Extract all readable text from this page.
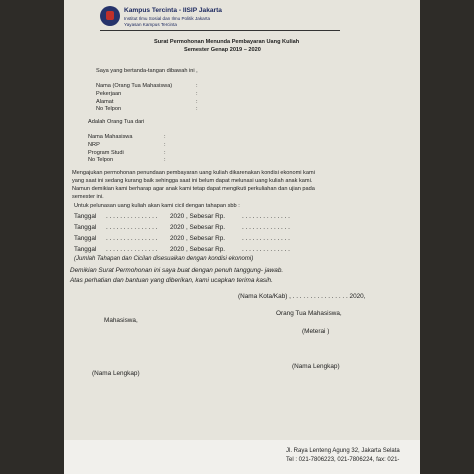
Kampus Tercinta - IISIP Jakarta
Institut Ilmu Sosial dan Ilmu Politik Jakarta
Yayasan Kampus Tercinta
Surat Permohonan Menunda Pembayaran Uang Kuliah
Semester Genap 2019 – 2020
Saya yang bertanda-tangan dibawah ini ,
Nama (Orang Tua Mahasiswa)	:
Pekerjaan	:
Alamat	:
No Telpon	:
Adalah Orang Tua dari
Nama Mahasiswa	:
NRP	:
Program Studi	:
No Telpon	:
Mengajukan permohonan penundaan pembayaran uang kuliah dikarenakan kondisi ekonomi kami
yang saat ini sedang kurang baik sehingga saat ini belum dapat melunasi uang kuliah anak kami.
Namun demikian kami berharap agar anak kami tetap dapat mengikuti perkuliahan dan ujian pada
semester ini.
Untuk pelunasan uang kuliah akan kami cicil dengan tahapan sbb :
Tanggal . . . . . . . . . . . . . . . 2020 , Sebesar Rp.	. . . . . . . . . . . . . .
Tanggal . . . . . . . . . . . . . . . 2020 , Sebesar Rp.	. . . . . . . . . . . . . .
Tanggal . . . . . . . . . . . . . . . 2020 , Sebesar Rp.	. . . . . . . . . . . . . .
Tanggal . . . . . . . . . . . . . . . 2020 , Sebesar Rp.	. . . . . . . . . . . . . .
(Jumlah Tahapan dan Cicilan disesuaikan dengan kondisi ekonomi)
Demikian Surat Permohonan ini saya buat dengan penuh tanggung- jawab.
Atas perhatian dan bantuan yang diberikan, kami ucapkan terima kasih.
(Nama Kota/Kab) , . . . . . . . . . . . . . . . . 2020,
Mahasiswa,
Orang Tua Mahasiswa,
(Meterai )
(Nama Lengkap)
(Nama Lengkap)
Jl. Raya Lenteng Agung 32, Jakarta Selata
Tel : 021-7806223, 021-7806224, fax: 021-
